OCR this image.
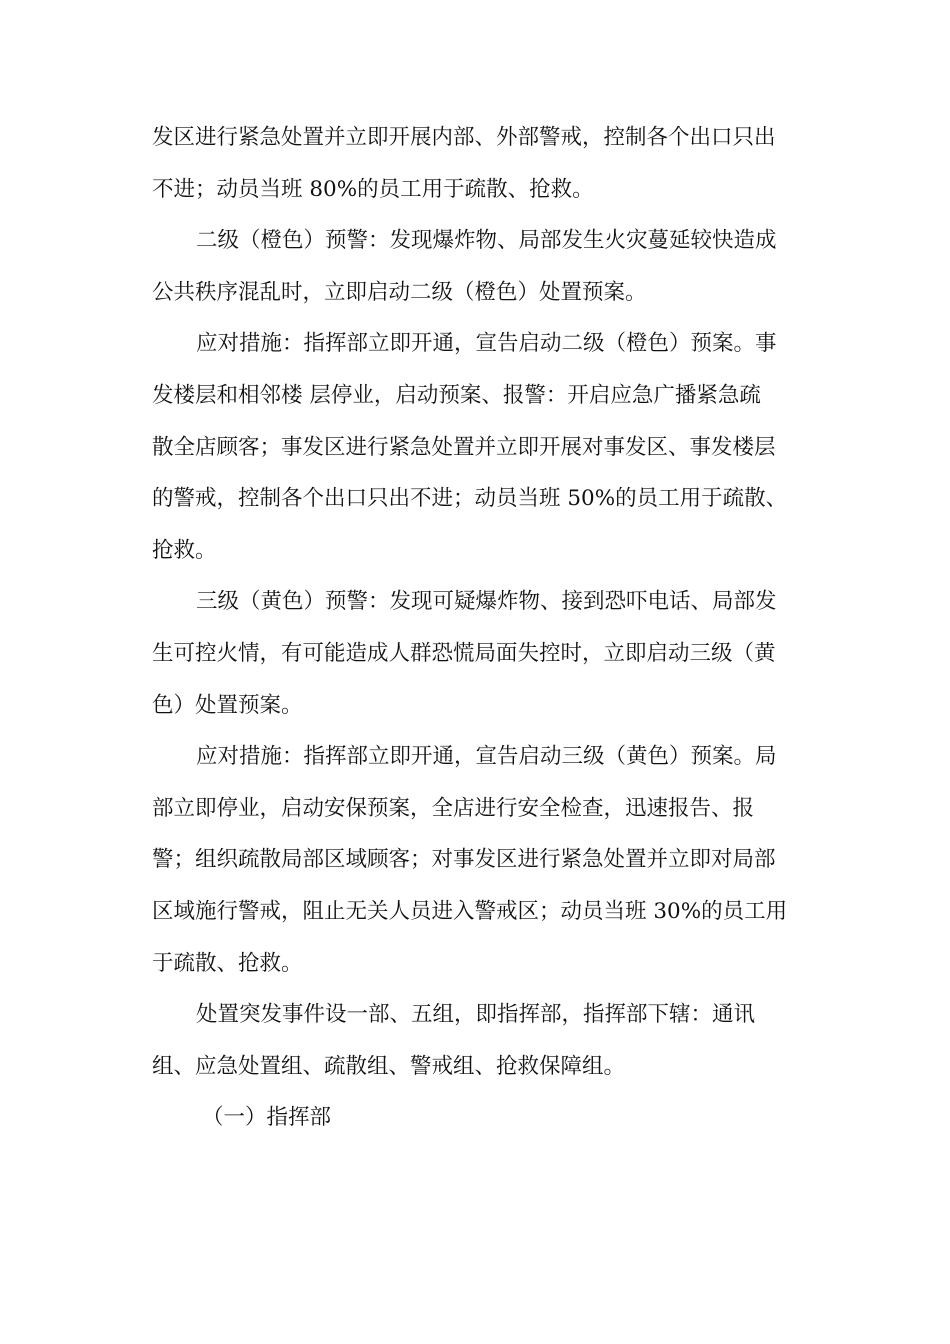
发区进行紧急处置并立即开展内部、外部警戒，控制各个出口只出
不进；动员当班 80%的员工用于疏散、抢救。
二级（橙色）预警：发现爆炸物、局部发生火灾蔓延较快造成
公共秩序混乱时，立即启动二级（橙色）处置预案。
应对措施：指挥部立即开通，宣告启动二级（橙色）预案。事
发楼层和相邻楼 层停业，启动预案、报警：开启应急广播紧急疏
散全店顾客；事发区进行紧急处置并立即开展对事发区、事发楼层
的警戒，控制各个出口只出不进；动员当班 50%的员工用于疏散、
抢救。
三级（黄色）预警：发现可疑爆炸物、接到恐吓电话、局部发
生可控火情，有可能造成人群恐慌局面失控时，立即启动三级（黄
色）处置预案。
应对措施：指挥部立即开通，宣告启动三级（黄色）预案。局
部立即停业，启动安保预案，全店进行安全检查，迅速报告、报
警；组织疏散局部区域顾客；对事发区进行紧急处置并立即对局部
区域施行警戒，阻止无关人员进入警戒区；动员当班 30%的员工用
于疏散、抢救。
处置突发事件设一部、五组，即指挥部，指挥部下辖：通讯
组、应急处置组、疏散组、警戒组、抢救保障组。
（一）指挥部
